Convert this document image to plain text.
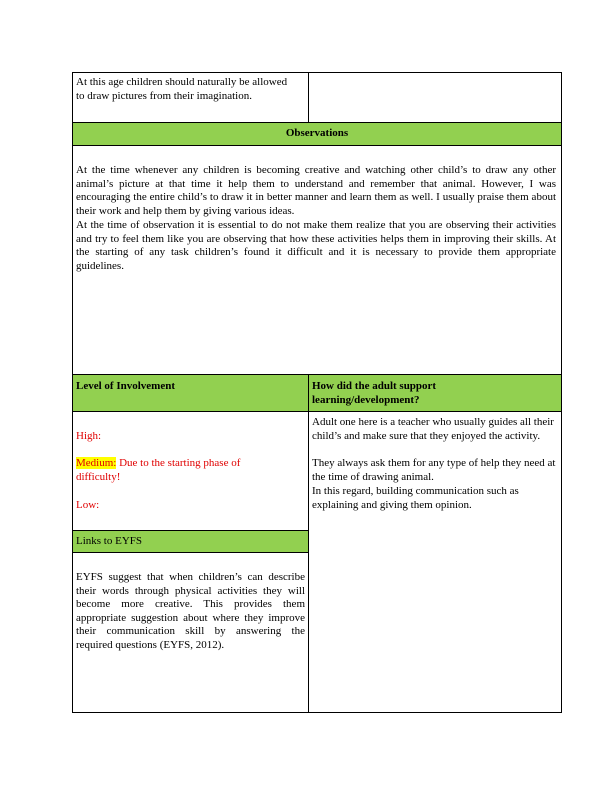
At this age children should naturally be allowed to draw pictures from their imagination.
Observations
At the time whenever any children is becoming creative and watching other child’s to draw any other animal’s picture at that time it help them to understand and remember that animal. However, I was encouraging the entire child’s to draw it in better manner and learn them as well. I usually praise them about their work and help them by giving various ideas.
At the time of observation it is essential to do not make them realize that you are observing their activities and try to feel them like you are observing that how these activities helps them in improving their skills. At the starting of any task children’s found it difficult and it is necessary to provide them appropriate guidelines.
Level of Involvement
High:
Medium: Due to the starting phase of difficulty!
Low:
How did the adult support learning/development?
Adult one here is a teacher who usually guides all their child’s and make sure that they enjoyed the activity.
They always ask them for any type of help they need at the time of drawing animal.
In this regard, building communication such as explaining and giving them opinion.
Links to EYFS
EYFS suggest that when children’s can describe their words through physical activities they will become more creative. This provides them appropriate suggestion about where they improve their communication skill by answering the required questions (EYFS, 2012).
